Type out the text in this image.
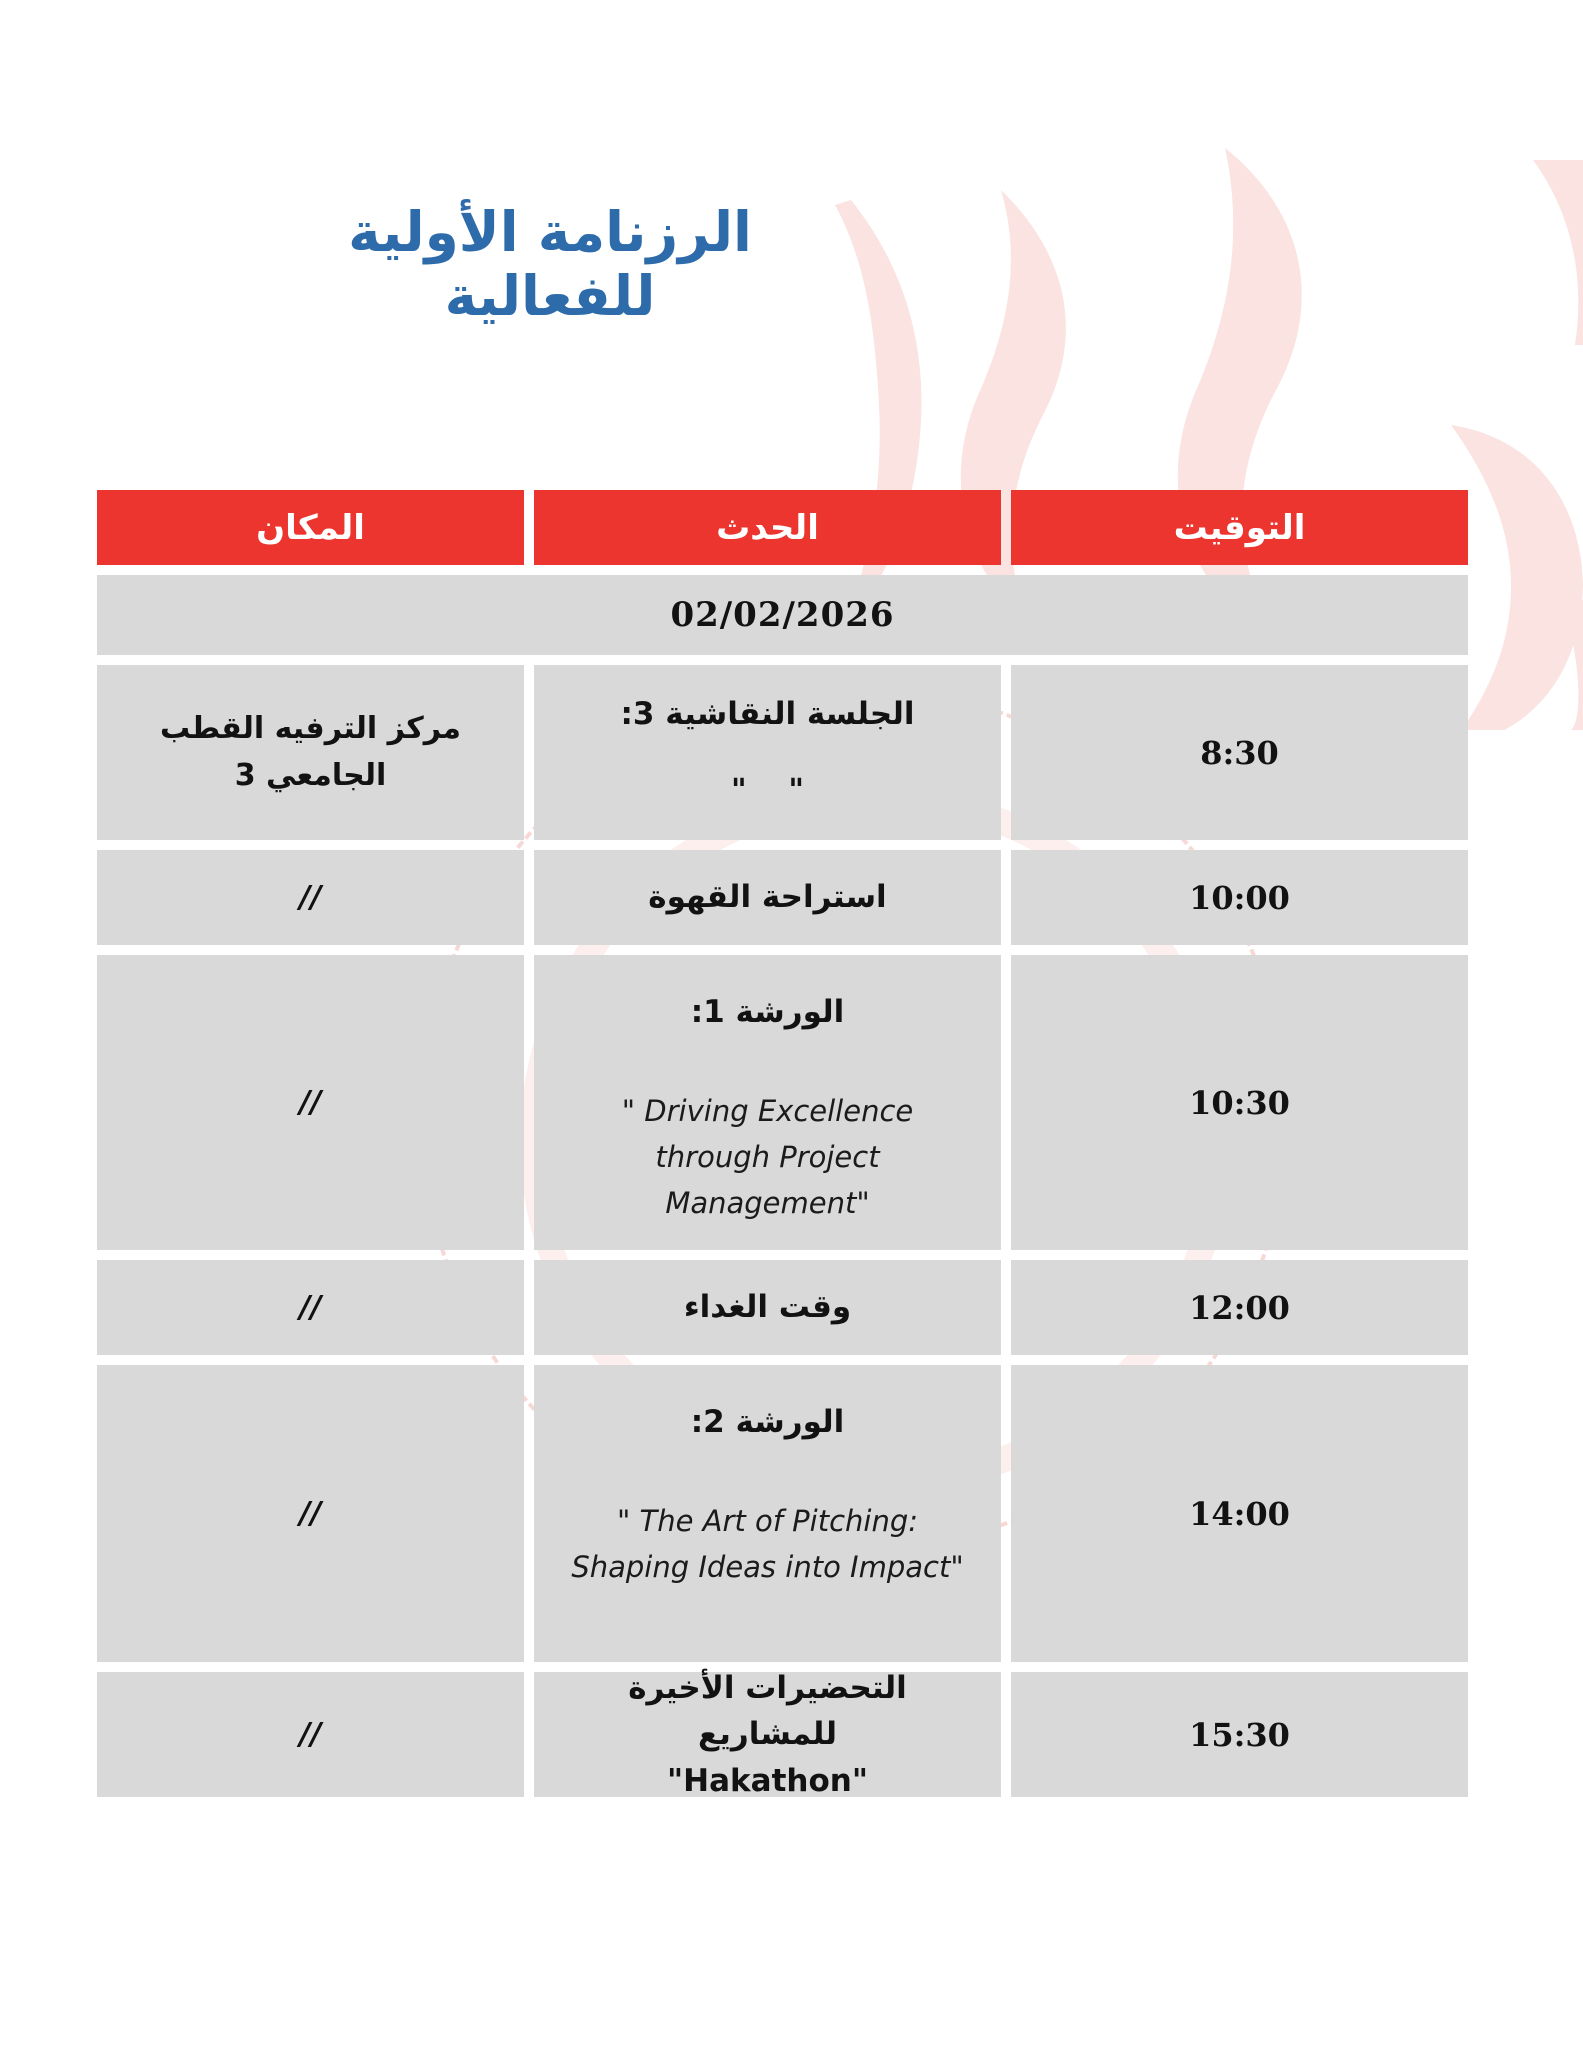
الرزنامة الأولية للفعالية
المكان	الحدث	التوقيت
02/02/2026
مركز الترفيه القطب الجامعي 3
الجلسة النقاشية 3:
"    "
8:30
//	استراحة القهوة	10:00
//
الورشة 1:
" Driving Excellence through Project Management"
10:30
//	وقت الغداء	12:00
//
الورشة 2:
" The Art of Pitching: Shaping Ideas into Impact"
14:00
//
التحضيرات الأخيرة للمشاريع "Hakathon"
15:30
